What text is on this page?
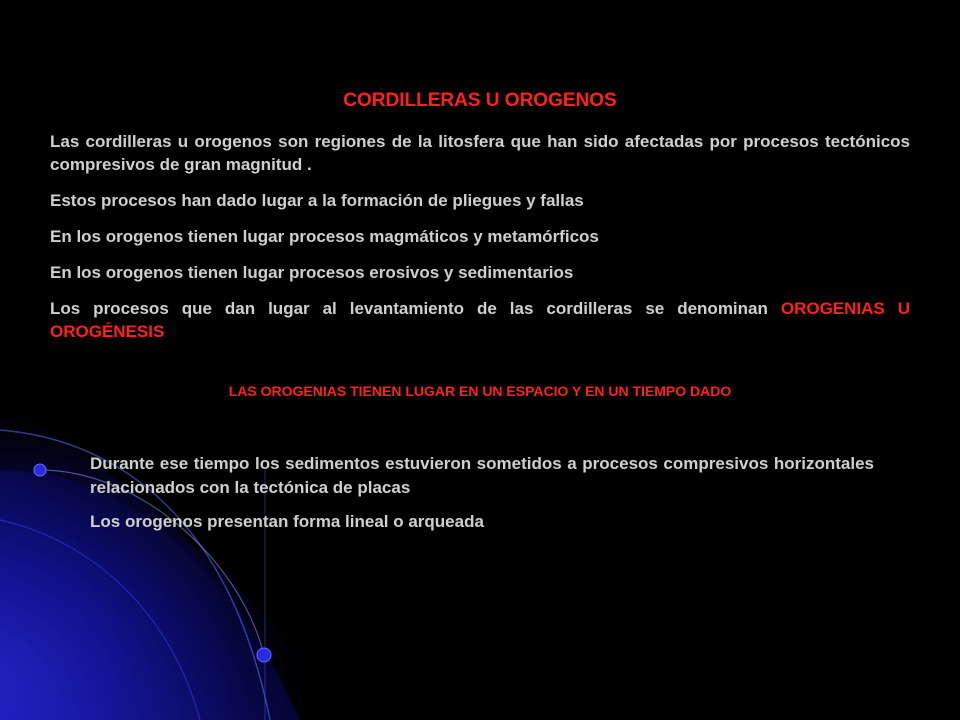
CORDILLERAS U OROGENOS

Las cordilleras u orogenos son regiones de la litosfera que han sido afectadas por procesos tectónicos compresivos de gran magnitud .

Estos procesos han dado lugar a la formación de pliegues y fallas

En los orogenos tienen lugar procesos magmáticos y metamórficos

En los orogenos tienen lugar procesos erosivos y sedimentarios

Los procesos que dan lugar al levantamiento de las cordilleras se denominan OROGENIAS U OROGÉNESIS

LAS OROGENIAS TIENEN LUGAR EN UN ESPACIO Y EN UN TIEMPO DADO

Durante ese tiempo los sedimentos estuvieron sometidos a procesos compresivos horizontales relacionados con la tectónica de placas

Los orogenos presentan forma lineal o arqueada
